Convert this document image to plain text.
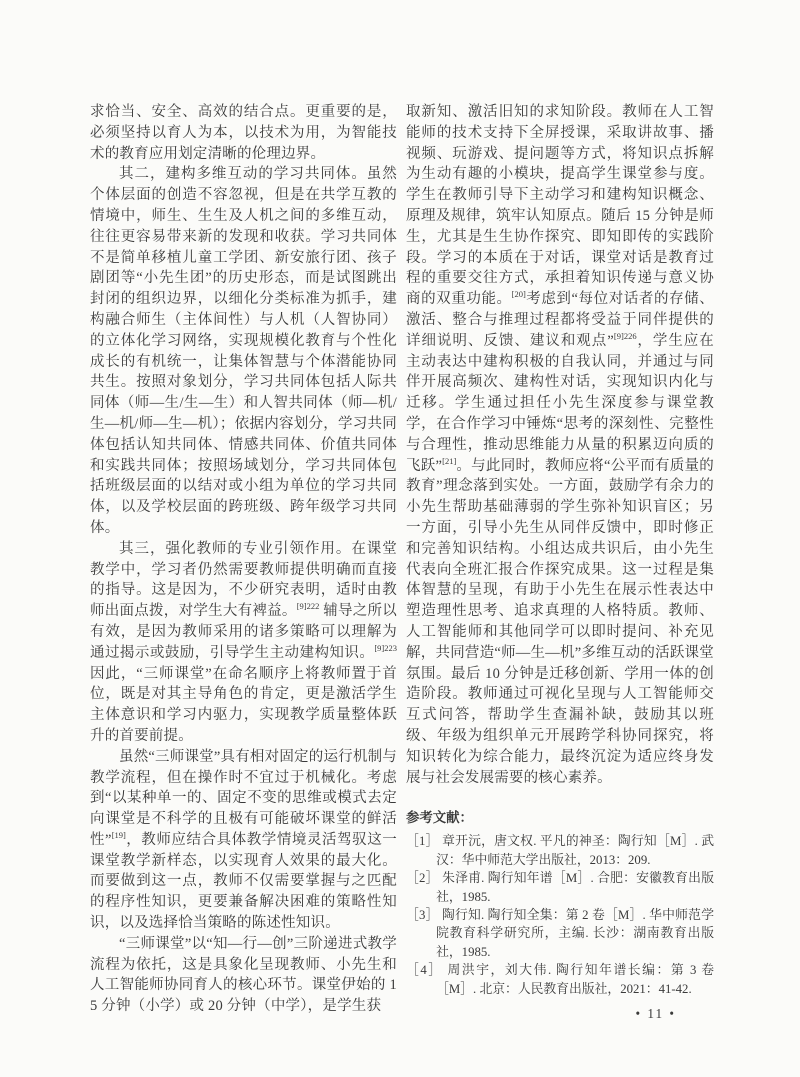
求恰当、安全、高效的结合点。更重要的是，必须坚持以育人为本，以技术为用，为智能技术的教育应用划定清晰的伦理边界。

其二，建构多维互动的学习共同体。虽然个体层面的创造不容忽视，但是在共学互教的情境中，师生、生生及人机之间的多维互动，往往更容易带来新的发现和收获。学习共同体不是简单移植儿童工学团、新安旅行团、孩子剧团等“小先生团”的历史形态，而是试图跳出封闭的组织边界，以细化分类标准为抓手，建构融合师生（主体间性）与人机（人智协同）的立体化学习网络，实现规模化教育与个性化成长的有机统一，让集体智慧与个体潜能协同共生。按照对象划分，学习共同体包括人际共同体（师—生/生—生）和人智共同体（师—机/生—机/师—生—机）；依据内容划分，学习共同体包括认知共同体、情感共同体、价值共同体和实践共同体；按照场域划分，学习共同体包括班级层面的以结对或小组为单位的学习共同体，以及学校层面的跨班级、跨年级学习共同体。

其三，强化教师的专业引领作用。在课堂教学中，学习者仍然需要教师提供明确而直接的指导。这是因为，不少研究表明，适时由教师出面点拨，对学生大有裨益。$^{[9]222}$ 辅导之所以有效，是因为教师采用的诸多策略可以理解为通过揭示或鼓励，引导学生主动建构知识。$^{[9]223}$因此，“三师课堂”在命名顺序上将教师置于首位，既是对其主导角色的肯定，更是激活学生主体意识和学习内驱力，实现教学质量整体跃升的首要前提。

虽然“三师课堂”具有相对固定的运行机制与教学流程，但在操作时不宜过于机械化。考虑到“以某种单一的、固定不变的思维或模式去定向课堂是不科学的且极有可能破坏课堂的鲜活性”[19]，教师应结合具体教学情境灵活驾驭这一课堂教学新样态，以实现育人效果的最大化。而要做到这一点，教师不仅需要掌握与之匹配的程序性知识，更要兼备解决困难的策略性知识，以及选择恰当策略的陈述性知识。

“三师课堂”以“知—行—创”三阶递进式教学流程为依托，这是具象化呈现教师、小先生和人工智能师协同育人的核心环节。课堂伊始的 15 分钟（小学）或 20 分钟（中学），是学生获

取新知、激活旧知的求知阶段。教师在人工智能师的技术支持下全屏授课，采取讲故事、播视频、玩游戏、提问题等方式，将知识点拆解为生动有趣的小模块，提高学生课堂参与度。学生在教师引导下主动学习和建构知识概念、原理及规律，筑牢认知原点。随后 15 分钟是师生，尤其是生生协作探究、即知即传的实践阶段。学习的本质在于对话，课堂对话是教育过程的重要交往方式，承担着知识传递与意义协商的双重功能。[20]考虑到“每位对话者的存储、激活、整合与推理过程都将受益于同伴提供的详细说明、反馈、建议和观点”$^{[9]226}$，学生应在主动表达中建构积极的自我认同，并通过与同伴开展高频次、建构性对话，实现知识内化与迁移。学生通过担任小先生深度参与课堂教学，在合作学习中锤炼“思考的深刻性、完整性与合理性，推动思维能力从量的积累迈向质的飞跃”[21]。与此同时，教师应将“公平而有质量的教育”理念落到实处。一方面，鼓励学有余力的小先生帮助基础薄弱的学生弥补知识盲区；另一方面，引导小先生从同伴反馈中，即时修正和完善知识结构。小组达成共识后，由小先生代表向全班汇报合作探究成果。这一过程是集体智慧的呈现，有助于小先生在展示性表达中塑造理性思考、追求真理的人格特质。教师、人工智能师和其他同学可以即时提问、补充见解，共同营造“师—生—机”多维互动的活跃课堂氛围。最后 10 分钟是迁移创新、学用一体的创造阶段。教师通过可视化呈现与人工智能师交互式问答，帮助学生查漏补缺，鼓励其以班级、年级为组织单元开展跨学科协同探究，将知识转化为综合能力，最终沉淀为适应终身发展与社会发展需要的核心素养。

参考文献：
［1］ 章开沅，唐文权. 平凡的神圣：陶行知［M］. 武汉：华中师范大学出版社，2013：209.
［2］ 朱泽甫. 陶行知年谱［M］. 合肥：安徽教育出版社，1985.
［3］ 陶行知. 陶行知全集：第 2 卷［M］. 华中师范学院教育科学研究所，主编. 长沙：湖南教育出版社，1985.
［4］ 周洪宇，刘大伟. 陶行知年谱长编：第 3 卷［M］. 北京：人民教育出版社，2021：41-42.
• 11 •
